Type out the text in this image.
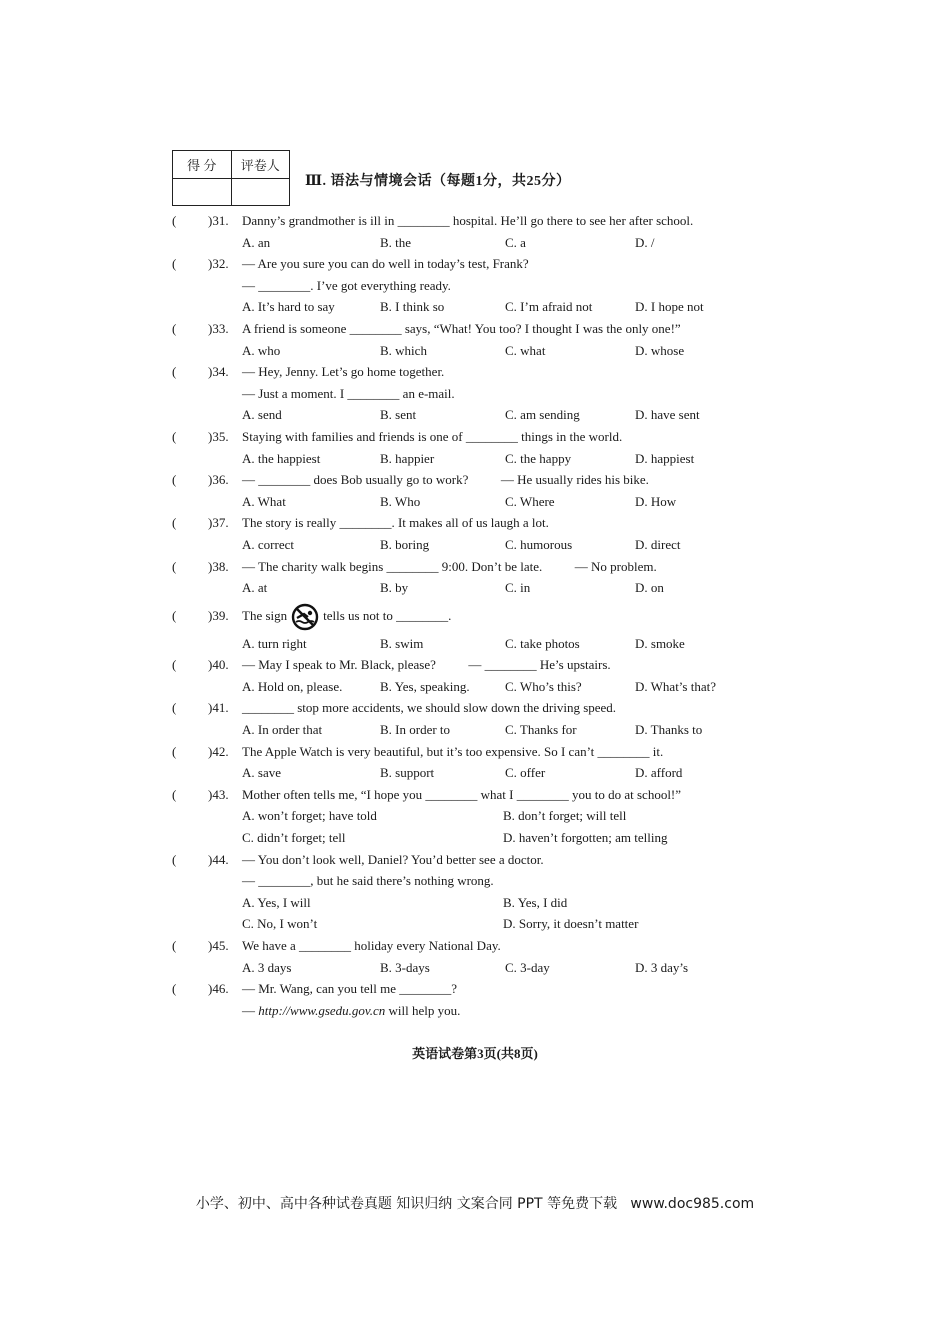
得 分	评卷人

Ⅲ. 语法与情境会话（每题1分，共25分）
( )31. Danny’s grandmother is ill in ________ hospital. He’ll go there to see her after school.
A. an	B. the	C. a	D. /
( )32. — Are you sure you can do well in today’s test, Frank?
— ________. I’ve got everything ready.
A. It’s hard to say	B. I think so	C. I’m afraid not	D. I hope not
( )33. A friend is someone ________ says, “What! You too? I thought I was the only one!”
A. who	B. which	C. what	D. whose
( )34. — Hey, Jenny. Let’s go home together.
— Just a moment. I ________ an e-mail.
A. send	B. sent	C. am sending	D. have sent
( )35. Staying with families and friends is one of ________ things in the world.
A. the happiest	B. happier	C. the happy	D. happiest
( )36. — ________ does Bob usually go to work?          — He usually rides his bike.
A. What	B. Who	C. Where	D. How
( )37. The story is really ________. It makes all of us laugh a lot.
A. correct	B. boring	C. humorous	D. direct
( )38. — The charity walk begins ________ 9:00. Don’t be late.          — No problem.
A. at	B. by	C. in	D. on
( )39. The sign	tells us not to ________.
A. turn right	B. swim	C. take photos	D. smoke
( )40. — May I speak to Mr. Black, please?          — ________ He’s upstairs.
A. Hold on, please.	B. Yes, speaking.	C. Who’s this?	D. What’s that?
( )41. ________ stop more accidents, we should slow down the driving speed.
A. In order that	B. In order to	C. Thanks for	D. Thanks to
( )42. The Apple Watch is very beautiful, but it’s too expensive. So I can’t ________ it.
A. save	B. support	C. offer	D. afford
( )43. Mother often tells me, “I hope you ________ what I ________ you to do at school!”
A. won’t forget; have told	B. don’t forget; will tell
C. didn’t forget; tell	D. haven’t forgotten; am telling
( )44. — You don’t look well, Daniel? You’d better see a doctor.
— ________, but he said there’s nothing wrong.
A. Yes, I will	B. Yes, I did
C. No, I won’t	D. Sorry, it doesn’t matter
( )45. We have a ________ holiday every National Day.
A. 3 days	B. 3-days	C. 3-day	D. 3 day’s
( )46. — Mr. Wang, can you tell me ________?
— http://www.gsedu.gov.cn will help you.
英语试卷第3页(共8页)
小学、初中、高中各种试卷真题 知识归纳 文案合同 PPT 等免费下载   www.doc985.com
